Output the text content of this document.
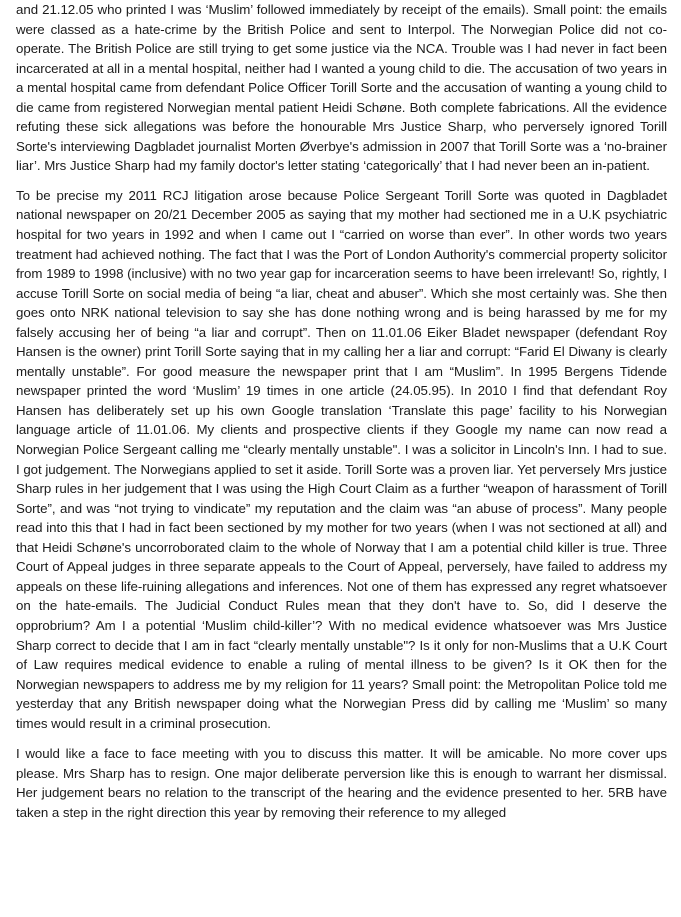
and 21.12.05 who printed I was ‘Muslim’ followed immediately by receipt of the emails). Small point: the emails were classed as a hate-crime by the British Police and sent to Interpol. The Norwegian Police did not co-operate. The British Police are still trying to get some justice via the NCA. Trouble was I had never in fact been incarcerated at all in a mental hospital, neither had I wanted a young child to die. The accusation of two years in a mental hospital came from defendant Police Officer Torill Sorte and the accusation of wanting a young child to die came from registered Norwegian mental patient Heidi Schøne. Both complete fabrications. All the evidence refuting these sick allegations was before the honourable Mrs Justice Sharp, who perversely ignored Torill Sorte's interviewing Dagbladet journalist Morten Øverbye's admission in 2007 that Torill Sorte was a ‘no-brainer liar’. Mrs Justice Sharp had my family doctor's letter stating ‘categorically’ that I had never been an in-patient.

To be precise my 2011 RCJ litigation arose because Police Sergeant Torill Sorte was quoted in Dagbladet national newspaper on 20/21 December 2005 as saying that my mother had sectioned me in a U.K psychiatric hospital for two years in 1992 and when I came out I “carried on worse than ever”. In other words two years treatment had achieved nothing. The fact that I was the Port of London Authority's commercial property solicitor from 1989 to 1998 (inclusive) with no two year gap for incarceration seems to have been irrelevant! So, rightly, I accuse Torill Sorte on social media of being “a liar, cheat and abuser”. Which she most certainly was. She then goes onto NRK national television to say she has done nothing wrong and is being harassed by me for my falsely accusing her of being “a liar and corrupt”. Then on 11.01.06 Eiker Bladet newspaper (defendant Roy Hansen is the owner) print Torill Sorte saying that in my calling her a liar and corrupt: “Farid El Diwany is clearly mentally unstable”. For good measure the newspaper print that I am “Muslim”. In 1995 Bergens Tidende newspaper printed the word ‘Muslim’ 19 times in one article (24.05.95). In 2010 I find that defendant Roy Hansen has deliberately set up his own Google translation ‘Translate this page’ facility to his Norwegian language article of 11.01.06. My clients and prospective clients if they Google my name can now read a Norwegian Police Sergeant calling me “clearly mentally unstable". I was a solicitor in Lincoln's Inn. I had to sue. I got judgement. The Norwegians applied to set it aside. Torill Sorte was a proven liar. Yet perversely Mrs justice Sharp rules in her judgement that I was using the High Court Claim as a further “weapon of harassment of Torill Sorte”, and was “not trying to vindicate” my reputation and the claim was “an abuse of process”. Many people read into this that I had in fact been sectioned by my mother for two years (when I was not sectioned at all) and that Heidi Schøne's uncorroborated claim to the whole of Norway that I am a potential child killer is true. Three Court of Appeal judges in three separate appeals to the Court of Appeal, perversely, have failed to address my appeals on these life-ruining allegations and inferences. Not one of them has expressed any regret whatsoever on the hate-emails. The Judicial Conduct Rules mean that they don't have to. So, did I deserve the opprobrium? Am I a potential ‘Muslim child-killer’? With no medical evidence whatsoever was Mrs Justice Sharp correct to decide that I am in fact “clearly mentally unstable"? Is it only for non-Muslims that a U.K Court of Law requires medical evidence to enable a ruling of mental illness to be given? Is it OK then for the Norwegian newspapers to address me by my religion for 11 years? Small point: the Metropolitan Police told me yesterday that any British newspaper doing what the Norwegian Press did by calling me ‘Muslim’ so many times would result in a criminal prosecution.

I would like a face to face meeting with you to discuss this matter. It will be amicable. No more cover ups please. Mrs Sharp has to resign. One major deliberate perversion like this is enough to warrant her dismissal. Her judgement bears no relation to the transcript of the hearing and the evidence presented to her. 5RB have taken a step in the right direction this year by removing their reference to my alleged
